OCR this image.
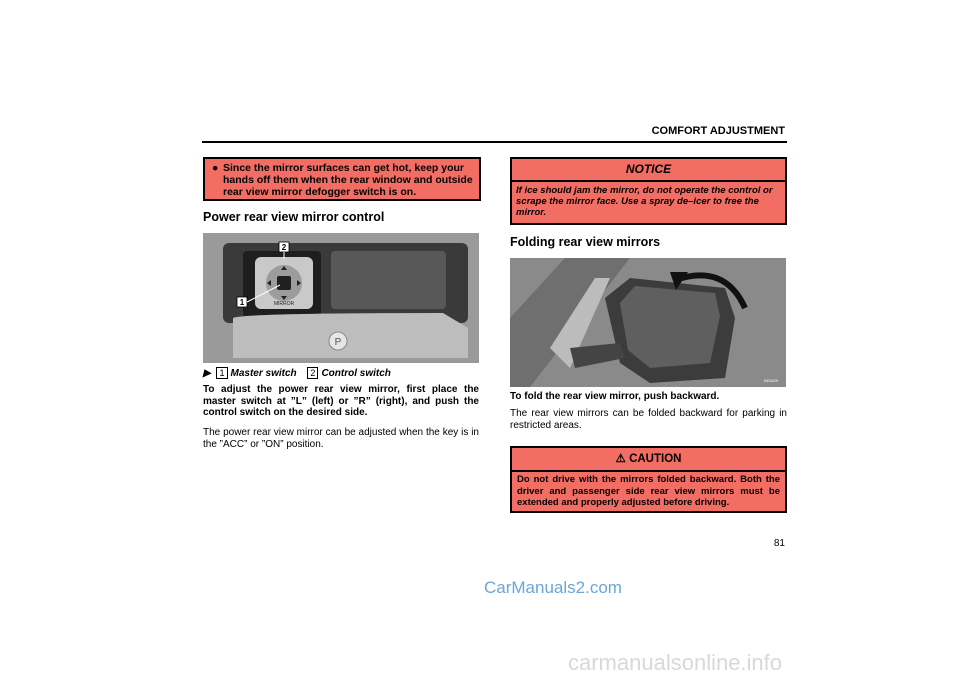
COMFORT ADJUSTMENT
● Since the mirror surfaces can get hot, keep your hands off them when the rear window and outside rear view mirror defogger switch is on.
Power rear view mirror control
MIRROR
P
2
1
▶ 1 Master switch 2 Control switch
To adjust the power rear view mirror, first place the master switch at ”L” (left) or ”R” (right), and push the control switch on the desired side.
The power rear view mirror can be adjusted when the key is in the ”ACC” or ”ON” position.
NOTICE
If ice should jam the mirror, do not operate the control or scrape the mirror face. Use a spray de–icer to free the mirror.
Folding rear view mirrors
1N3U09
To fold the rear view mirror, push backward.
The rear view mirrors can be folded backward for parking in restricted areas.
⚠ CAUTION
Do not drive with the mirrors folded backward. Both the driver and passenger side rear view mirrors must be extended and properly adjusted before driving.
81
CarManuals2.com
carmanualsonline.info
